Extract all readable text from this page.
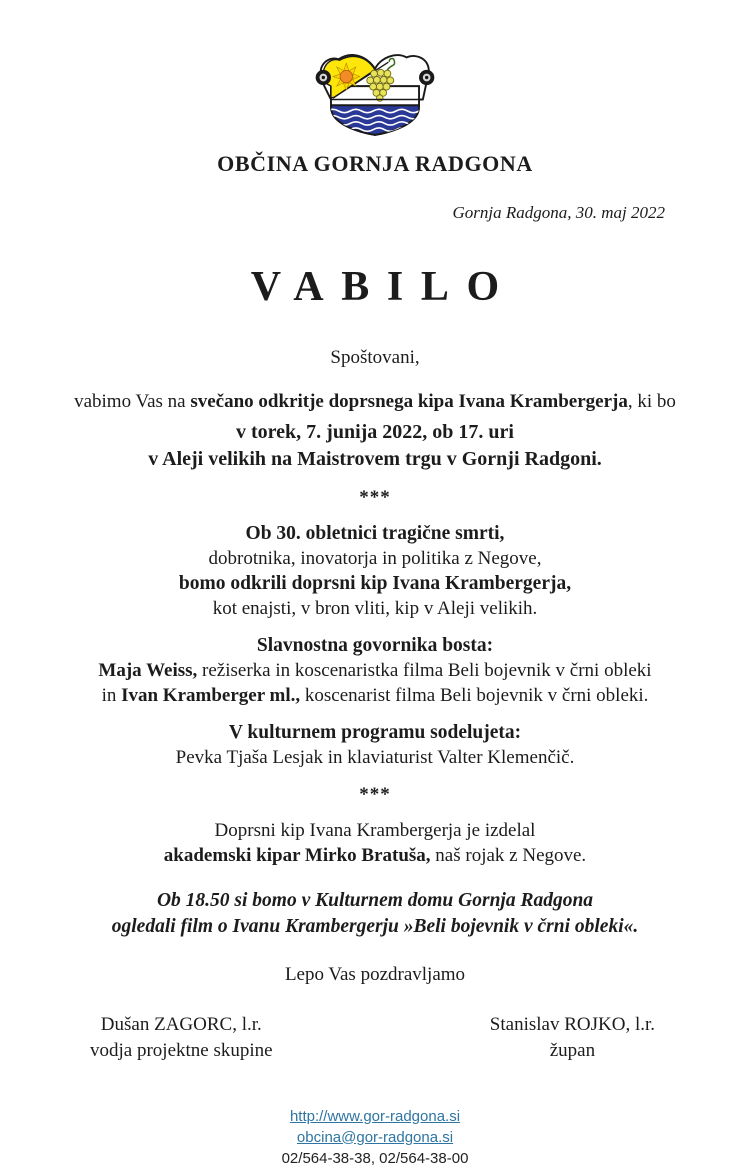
OBČINA GORNJA RADGONA
Gornja Radgona, 30. maj 2022
VABILO
Spoštovani,
vabimo Vas na svečano odkritje doprsnega kipa Ivana Krambergerja, ki bo
v torek, 7. junija 2022, ob 17. uri
v Aleji velikih na Maistrovem trgu v Gornji Radgoni.
***
Ob 30. obletnici tragične smrti,
dobrotnika, inovatorja in politika z Negove,
bomo odkrili doprsni kip Ivana Krambergerja,
kot enajsti, v bron vliti, kip v Aleji velikih.
Slavnostna govornika bosta:
Maja Weiss, režiserka in koscenaristka filma Beli bojevnik v črni obleki
in Ivan Kramberger ml., koscenarist filma Beli bojevnik v črni obleki.
V kulturnem programu sodelujeta:
Pevka Tjaša Lesjak in klaviaturist Valter Klemenčič.
***
Doprsni kip Ivana Krambergerja je izdelal
akademski kipar Mirko Bratuša, naš rojak z Negove.
Ob 18.50 si bomo v Kulturnem domu Gornja Radgona
ogledali film o Ivanu Krambergerju »Beli bojevnik v črni obleki«.
Lepo Vas pozdravljamo
Dušan ZAGORC, l.r.
vodja projektne skupine
Stanislav ROJKO, l.r.
župan
http://www.gor-radgona.si
obcina@gor-radgona.si
02/564-38-38, 02/564-38-00
